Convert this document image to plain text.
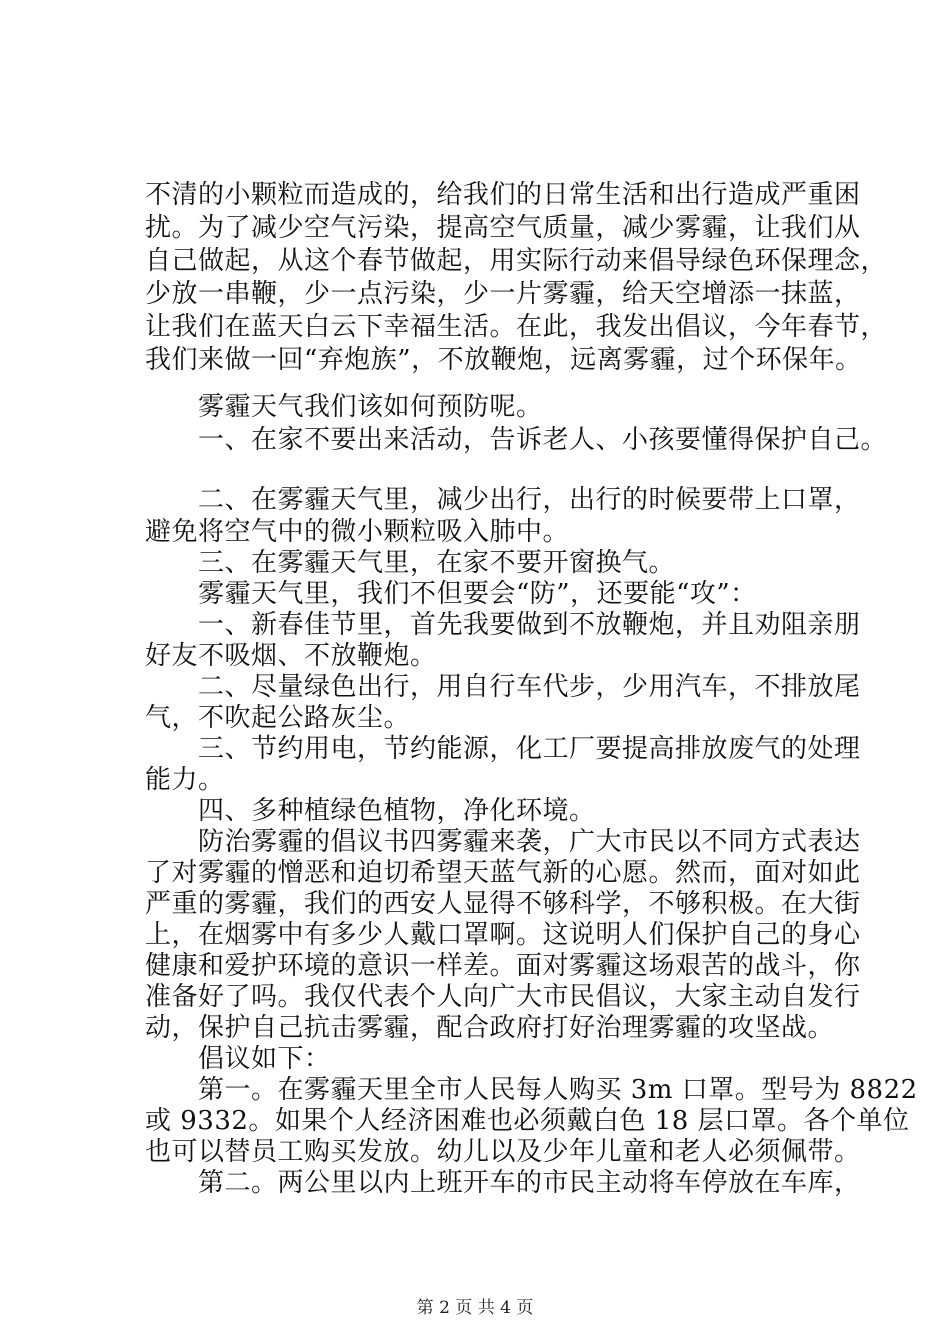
不清的小颗粒而造成的，给我们的日常生活和出行造成严重困
扰。为了减少空气污染，提高空气质量，减少雾霾，让我们从
自己做起，从这个春节做起，用实际行动来倡导绿色环保理念，
少放一串鞭，少一点污染，少一片雾霾，给天空增添一抹蓝，
让我们在蓝天白云下幸福生活。在此，我发出倡议，今年春节，
我们来做一回“弃炮族”，不放鞭炮，远离雾霾，过个环保年。
　　雾霾天气我们该如何预防呢。
　　一、在家不要出来活动，告诉老人、小孩要懂得保护自己。
　　二、在雾霾天气里，减少出行，出行的时候要带上口罩，
避免将空气中的微小颗粒吸入肺中。
　　三、在雾霾天气里，在家不要开窗换气。
　　雾霾天气里，我们不但要会“防”，还要能“攻”：
　　一、新春佳节里，首先我要做到不放鞭炮，并且劝阻亲朋
好友不吸烟、不放鞭炮。
　　二、尽量绿色出行，用自行车代步，少用汽车，不排放尾
气，不吹起公路灰尘。
　　三、节约用电，节约能源，化工厂要提高排放废气的处理
能力。
　　四、多种植绿色植物，净化环境。
　　防治雾霾的倡议书四雾霾来袭，广大市民以不同方式表达
了对雾霾的憎恶和迫切希望天蓝气新的心愿。然而，面对如此
严重的雾霾，我们的西安人显得不够科学，不够积极。在大街
上，在烟雾中有多少人戴口罩啊。这说明人们保护自己的身心
健康和爱护环境的意识一样差。面对雾霾这场艰苦的战斗，你
准备好了吗。我仅代表个人向广大市民倡议，大家主动自发行
动，保护自己抗击雾霾，配合政府打好治理雾霾的攻坚战。
　　倡议如下：
　　第一。在雾霾天里全市人民每人购买 3m 口罩。型号为 8822
或 9332。如果个人经济困难也必须戴白色 18 层口罩。各个单位
也可以替员工购买发放。幼儿以及少年儿童和老人必须佩带。
　　第二。两公里以内上班开车的市民主动将车停放在车库，
第 2 页 共 4 页
